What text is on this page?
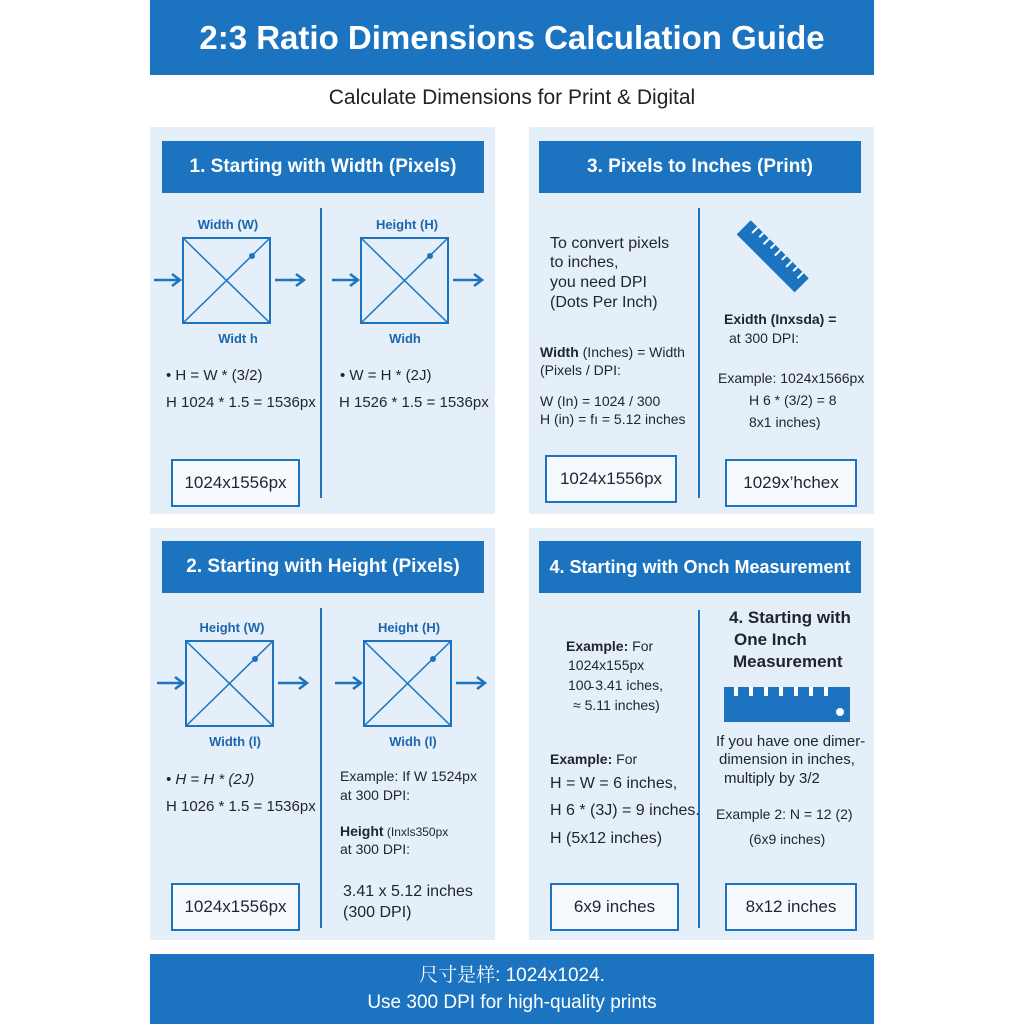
2:3 Ratio Dimensions Calculation Guide
Calculate Dimensions for Print & Digital
1. Starting with Width (Pixels)
Width (W)
Widt​ h
• H = W * (3/2)
H 1024 * 1.5 = 1536px
1024x1556px
Height (H)
Widh
• W = H * (2J)
H 1526 * 1.5 = 1536px
2. Starting with Height (Pixels)
Height (W)
Width (l)
• H = H * (2J)
H 1026 * 1.5 = 1536px
1024x1556px
Height (H)
Widh (l)
Example: If W 1524px
at 300 DPI:
Height (Inxls350px
at 300 DPI:
3.41 x 5.12 inches
(300 DPI)
3. Pixels to Inches (Print)
To convert pixels
to inches,
you need DPI
(Dots Per Inch)
Width (Inches) = Width
(Pixels / DPI:
W (In) = 1024 / 300
H (in) = fı = 5.12 inches
1024x1556px
Exidth (Inxsda) =
at 300 DPI:
Example: 1024x1566px
H 6 * (3/2) = 8
8x1 inches)
1029x’hchex
4. Starting with Onch Measurement
Example: For
1024x155px
100̵ 3.41 iches,
≈ 5.11 inches)
Example: For
H = W = 6 inches,
H 6 * (3J) = 9 inches.
H (5x12 inches)
6x9 inches
4. Starting with
One Inch
Measurement
If you have one dimer-
dimension in inches,
multiply by 3/2
Example 2: N = 12 (2)
(6x9 inches)
8x12 inches
尺寸是样: 1024x1024.
Use 300 DPI for high-quality prints
